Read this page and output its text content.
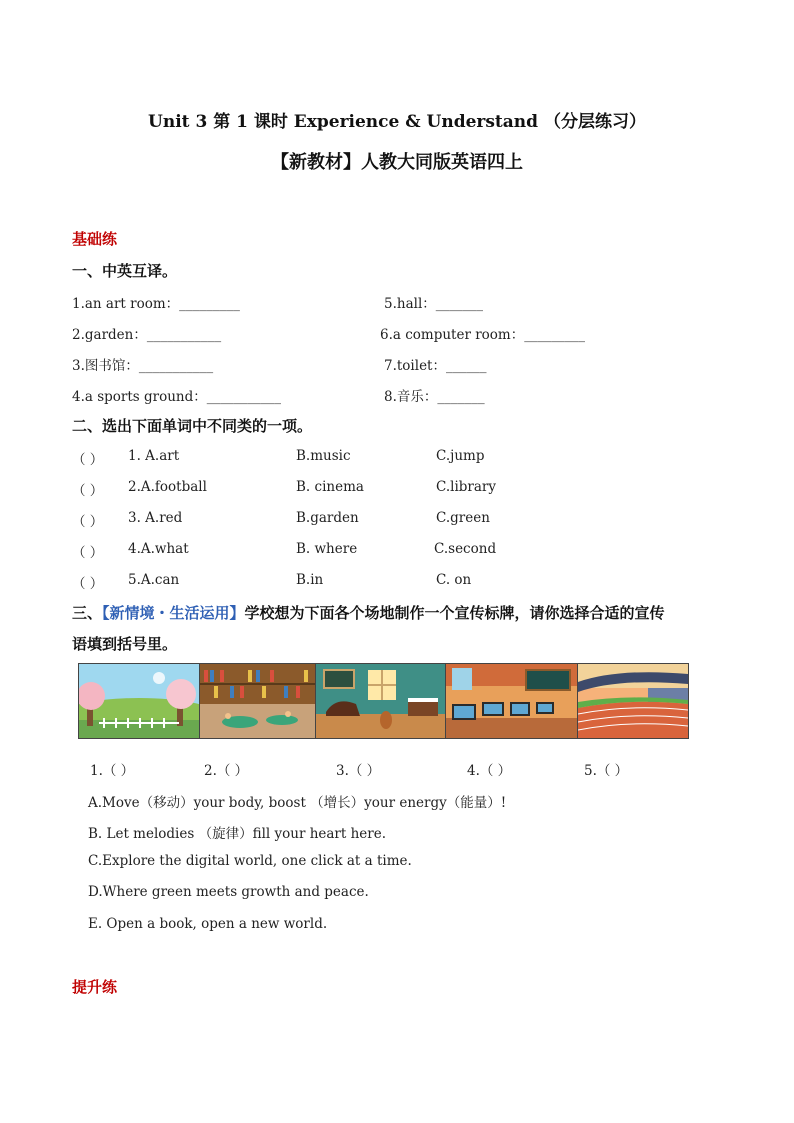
Unit 3 第 1 课时 Experience & Understand （分层练习）
【新教材】人教大同版英语四上
基础练
一、中英互译。
1.an art room：_________
2.garden：___________
3.图书馆：___________
4.a sports ground：___________
5.hall：_______
6.a computer room：_________
7.toilet：______
8.音乐：_______
二、选出下面单词中不同类的一项。
（ ） 1. A.art	B.music	C.jump
（ ） 2.A.football	B. cinema	C.library
（ ） 3. A.red	B.garden	C.green
（ ） 4.A.what	B. where	C.second
（ ） 5.A.can	B.in	C. on
三、【新情境・生活运用】学校想为下面各个场地制作一个宣传标牌，请你选择合适的宣传
语填到括号里。
1.（ ）	2.（ ）	3.（ ）	4.（ ）	5.（ ）
A.Move（移动）your body, boost （增长）your energy（能量）!
B. Let melodies （旋律）fill your heart here.
C.Explore the digital world, one click at a time.
D.Where green meets growth and peace.
E. Open a book, open a new world.
提升练
